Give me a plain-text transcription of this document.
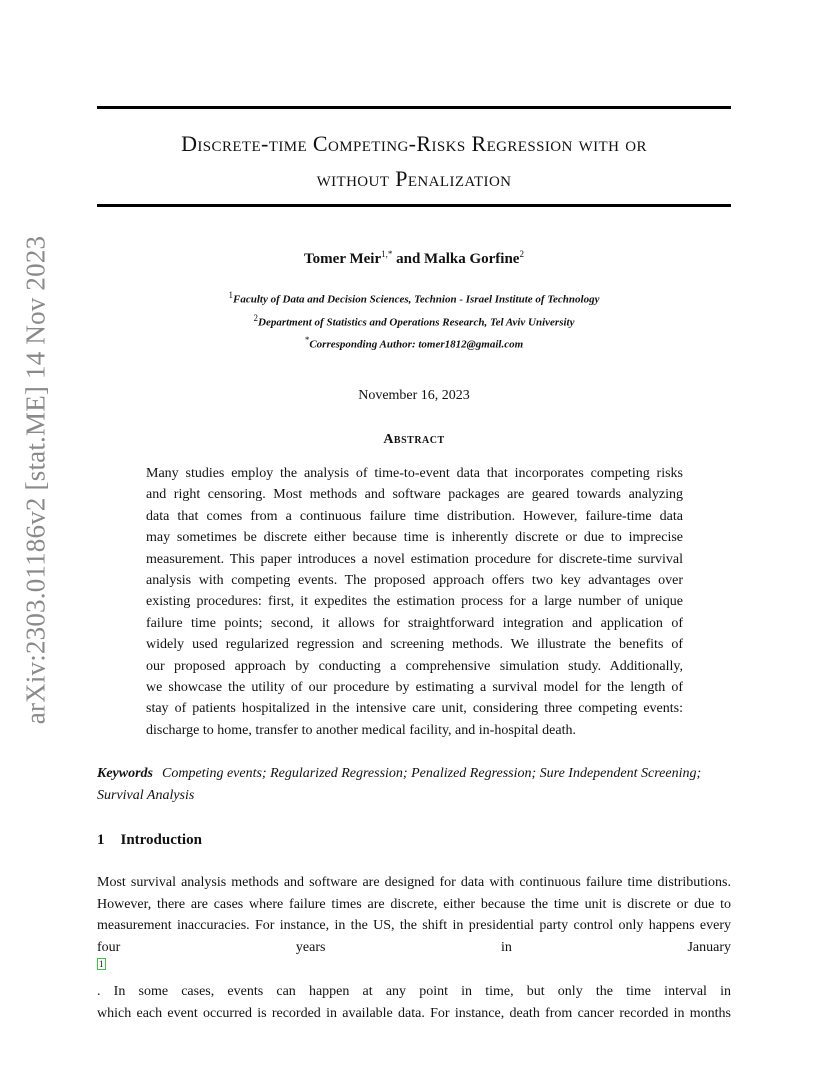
arXiv:2303.01186v2 [stat.ME] 14 Nov 2023
Discrete-time Competing-Risks Regression with or
without Penalization
Tomer Meir$^{1,*}$ and Malka Gorfine$^2$
$^1$Faculty of Data and Decision Sciences, Technion - Israel Institute of Technology
$^2$Department of Statistics and Operations Research, Tel Aviv University
*Corresponding Author: tomer1812@gmail.com
November 16, 2023
Abstract

Many studies employ the analysis of time-to-event data that incorporates competing risks
and right censoring. Most methods and software packages are geared towards analyzing
data that comes from a continuous failure time distribution. However, failure-time data
may sometimes be discrete either because time is inherently discrete or due to imprecise
measurement. This paper introduces a novel estimation procedure for discrete-time survival
analysis with competing events. The proposed approach offers two key advantages over
existing procedures: first, it expedites the estimation process for a large number of unique
failure time points; second, it allows for straightforward integration and application of
widely used regularized regression and screening methods. We illustrate the benefits of
our proposed approach by conducting a comprehensive simulation study. Additionally,
we showcase the utility of our procedure by estimating a survival model for the length of
stay of patients hospitalized in the intensive care unit, considering three competing events:
discharge to home, transfer to another medical facility, and in-hospital death.

Keywords Competing events; Regularized Regression; Penalized Regression; Sure Independent Screening; Survival Analysis

1 Introduction

Most survival analysis methods and software are designed for data with continuous failure time distributions.
However, there are cases where failure times are discrete, either because the time unit is discrete or due to
measurement inaccuracies. For instance, in the US, the shift in presidential party control only happens every
four years in January
1
. In some cases, events can happen at any point in time, but only the time interval in
which each event occurred is recorded in available data. For instance, death from cancer recorded in months
